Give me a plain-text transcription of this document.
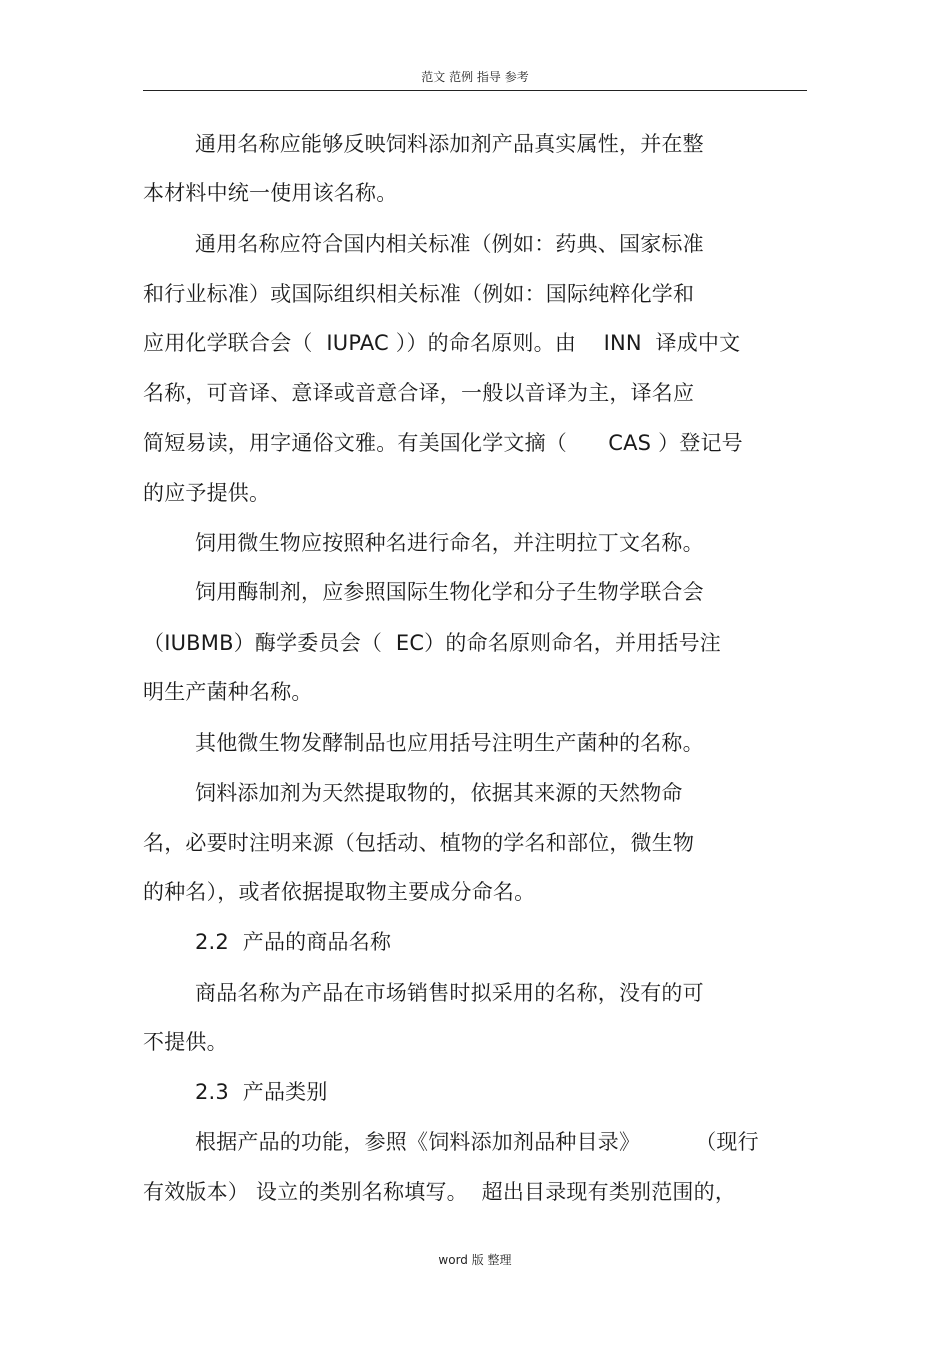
范文 范例 指导 参考
通用名称应能够反映饲料添加剂产品真实属性，并在整
本材料中统一使用该名称。
通用名称应符合国内相关标准（例如：药典、国家标准
和行业标准）或国际组织相关标准（例如：国际纯粹化学和
应用化学联合会（  IUPAC ））的命名原则。由    INN  译成中文
名称，可音译、意译或音意合译，一般以音译为主，译名应
简短易读，用字通俗文雅。有美国化学文摘（      CAS ）登记号
的应予提供。
饲用微生物应按照种名进行命名，并注明拉丁文名称。
饲用酶制剂，应参照国际生物化学和分子生物学联合会
（IUBMB）酶学委员会（  EC）的命名原则命名，并用括号注
明生产菌种名称。
其他微生物发酵制品也应用括号注明生产菌种的名称。
饲料添加剂为天然提取物的，依据其来源的天然物命
名，必要时注明来源（包括动、植物的学名和部位，微生物
的种名），或者依据提取物主要成分命名。
2.2  产品的商品名称
商品名称为产品在市场销售时拟采用的名称，没有的可
不提供。
2.3  产品类别
根据产品的功能，参照《饲料添加剂品种目录》        （现行
有效版本） 设立的类别名称填写。  超出目录现有类别范围的，
word 版 整理
